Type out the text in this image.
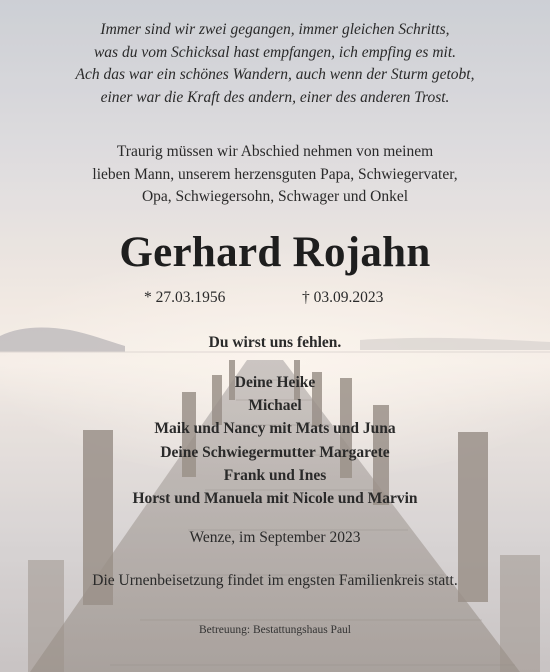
Immer sind wir zwei gegangen, immer gleichen Schritts,
was du vom Schicksal hast empfangen, ich empfing es mit.
Ach das war ein schönes Wandern, auch wenn der Sturm getobt,
einer war die Kraft des andern, einer des anderen Trost.
Traurig müssen wir Abschied nehmen von meinem
lieben Mann, unserem herzensguten Papa, Schwiegervater,
Opa, Schwiegersohn, Schwager und Onkel
Gerhard Rojahn
* 27.03.1956	† 03.09.2023
Du wirst uns fehlen.
Deine Heike
Michael
Maik und Nancy mit Mats und Juna
Deine Schwiegermutter Margarete
Frank und Ines
Horst und Manuela mit Nicole und Marvin
Wenze, im September 2023
Die Urnenbeisetzung findet im engsten Familienkreis statt.
Betreuung: Bestattungshaus Paul
